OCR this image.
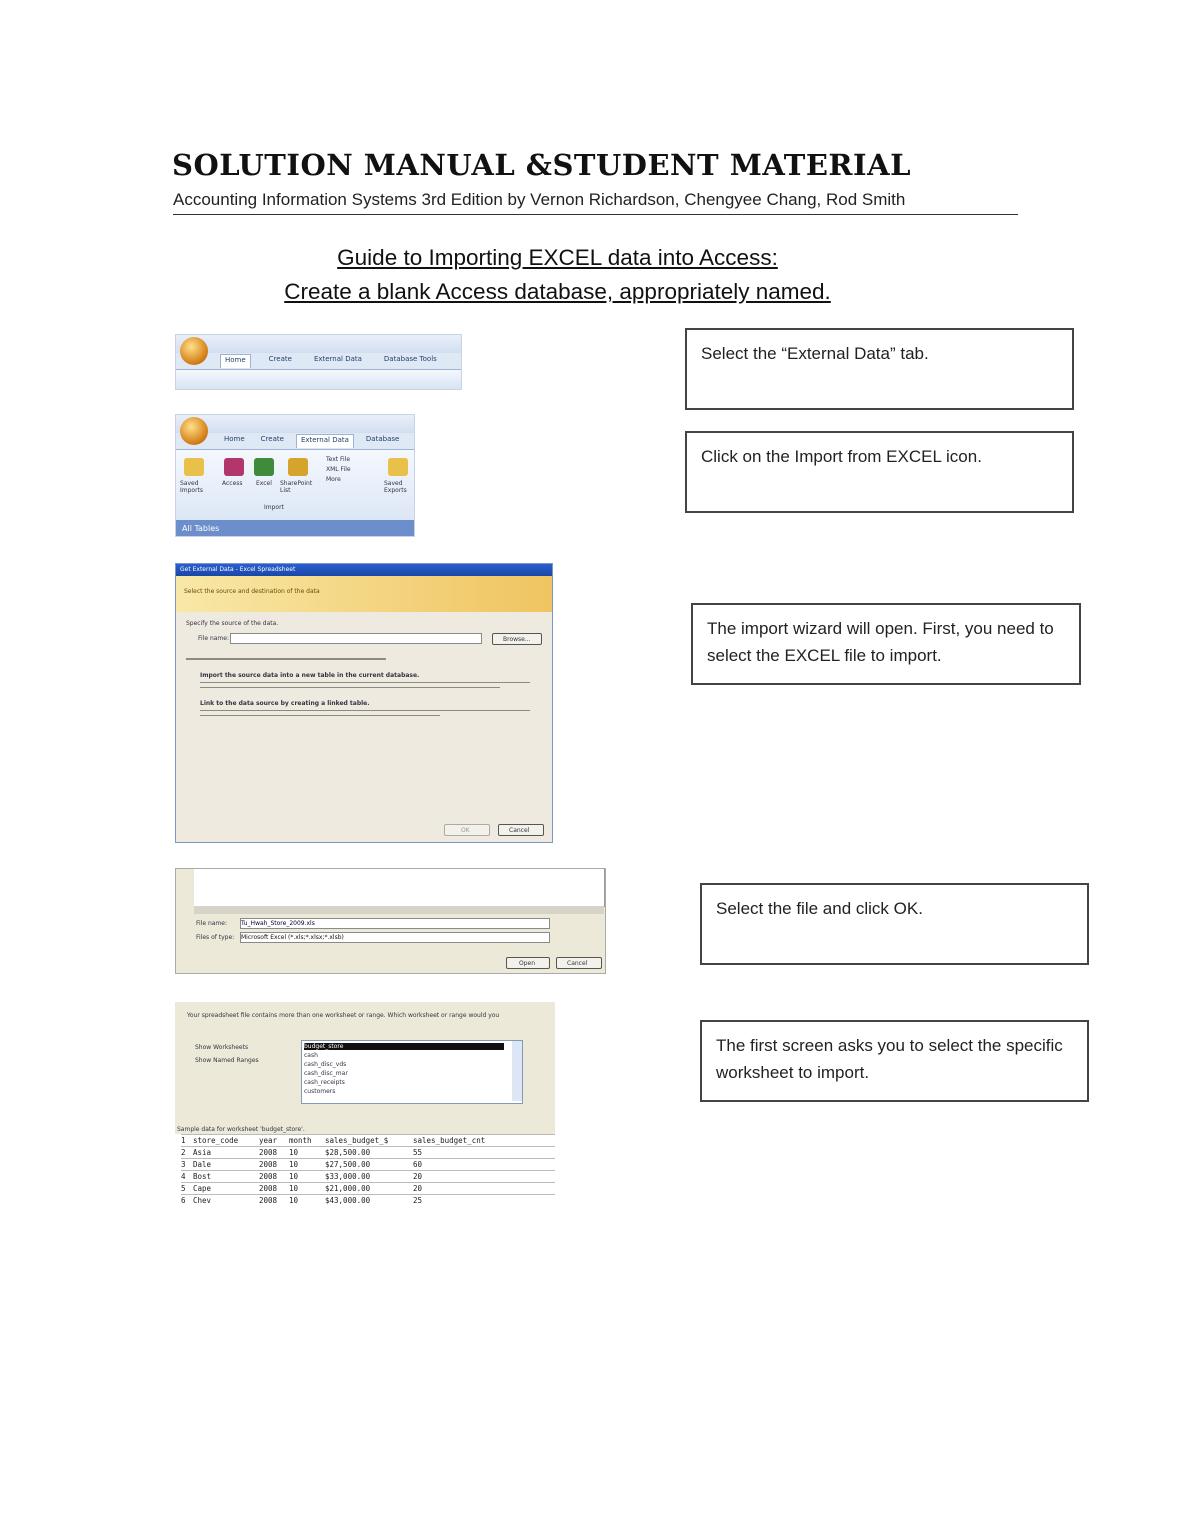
SOLUTION MANUAL &STUDENT MATERIAL
Accounting Information Systems 3rd Edition by Vernon Richardson, Chengyee Chang, Rod Smith
Guide to Importing EXCEL data into Access:
Create a blank Access database, appropriately named.
Home	Create	External Data	Database Tools	Select the “External Data” tab.
Home	Create	External Data	Database
Text File
XML File
More
Saved Imports
Access Excel SharePoint List
Saved Exports
Import
All Tables
Click on the Import from EXCEL icon.
Get External Data - Excel Spreadsheet
Select the source and destination of the data
Specify the source of the data.
File name:	Browse...
Import the source data into a new table in the current database.
Link to the data source by creating a linked table.
OK	Cancel
The import wizard will open. First, you need to select the EXCEL file to import.
File name: Tu_Hwah_Store_2009.xls
Files of type: Microsoft Excel (*.xls;*.xlsx;*.xlsb)
Open	Cancel
Select the file and click OK.
Your spreadsheet file contains more than one worksheet or range. Which worksheet or range would you
Show Worksheets
Show Named Ranges
budget_store
cash
cash_disc_vds
cash_disc_mar
cash_receipts
customers
Sample data for worksheet 'budget_store'.
1 store_code	year month sales_budget_$	sales_budget_cnt
2 Asia	2008 10	$28,500.00	55
3 Dale	2008 10	$27,500.00	60
4 Bost	2008 10	$33,000.00	20
5 Cape	2008 10	$21,000.00	20
6 Chev	2008 10	$43,000.00	25
The first screen asks you to select the specific worksheet to import.
